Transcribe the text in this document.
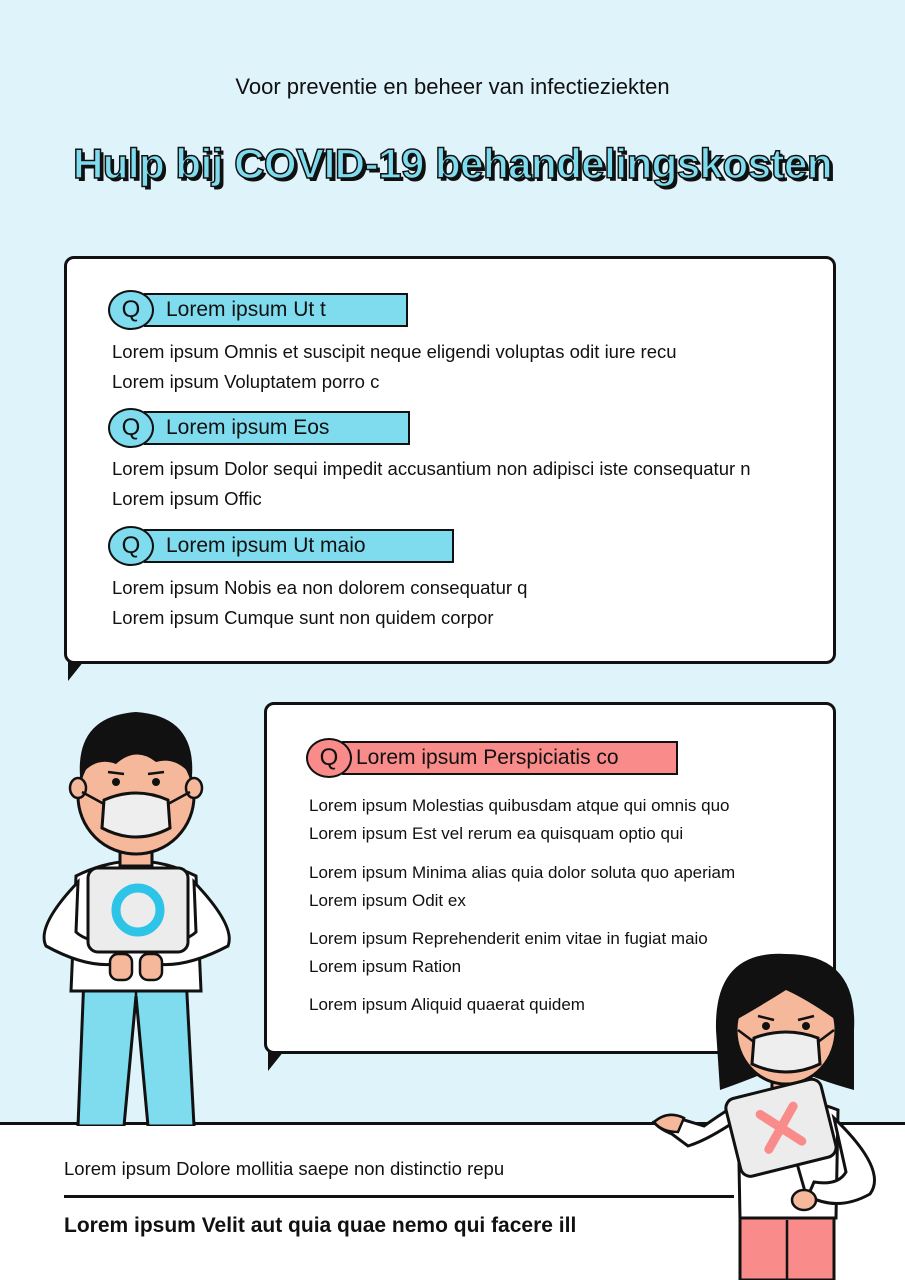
Voor preventie en beheer van infectieziekten
Hulp bij COVID-19 behandelingskosten
Q	Lorem ipsum Ut t
Lorem ipsum Omnis et suscipit neque eligendi voluptas odit iure recu
Lorem ipsum Voluptatem porro c
Q	Lorem ipsum Eos
Lorem ipsum Dolor sequi impedit accusantium non adipisci iste consequatur n
Lorem ipsum Offic
Q	Lorem ipsum Ut maio
Lorem ipsum Nobis ea non dolorem consequatur q
Lorem ipsum Cumque sunt non quidem corpor
Q Lorem ipsum Perspiciatis co
Lorem ipsum Molestias quibusdam atque qui omnis quo
Lorem ipsum Est vel rerum ea quisquam optio qui
Lorem ipsum Minima alias quia dolor soluta quo aperiam
Lorem ipsum Odit ex
Lorem ipsum Reprehenderit enim vitae in fugiat maio
Lorem ipsum Ration
Lorem ipsum Aliquid quaerat quidem
Lorem ipsum Dolore mollitia saepe non distinctio repu
Lorem ipsum Velit aut quia quae nemo qui facere ill
